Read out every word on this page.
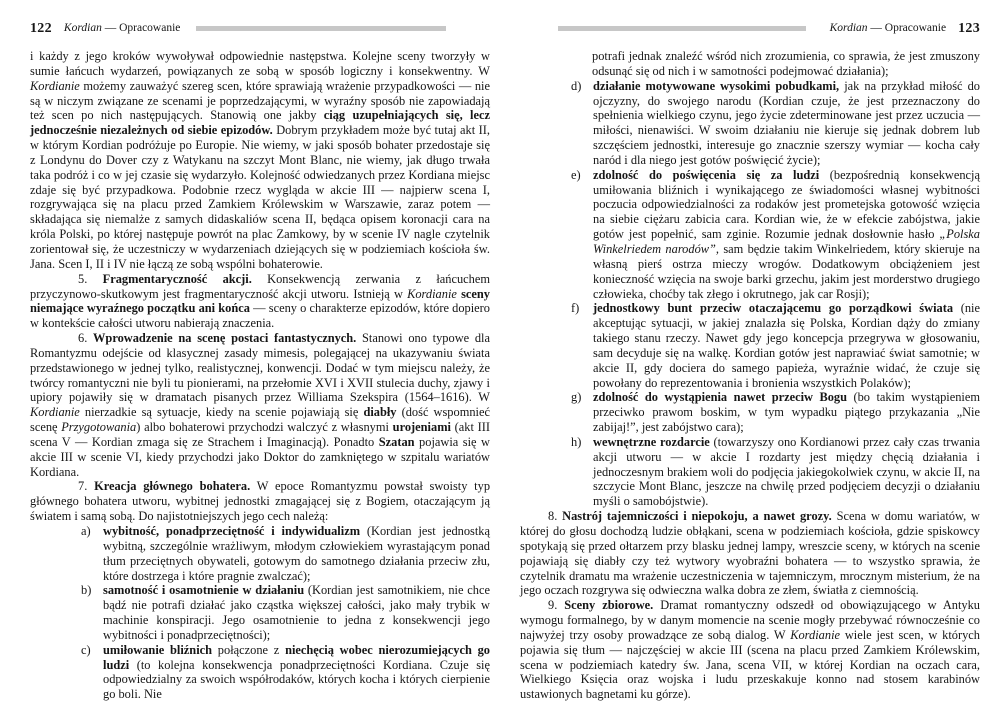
122 Kordian — Opracowanie

i każdy z jego kroków wywoływał odpowiednie następstwa. Kolejne sceny tworzyły w sumie łańcuch wydarzeń, powiązanych ze sobą w sposób logiczny i konsekwentny. W Kordianie możemy zauważyć szereg scen, które sprawiają wrażenie przypadkowości — nie są w niczym związane ze scenami je poprzedzającymi, w wyraźny sposób nie zapowiadają też scen po nich następujących. Stanowią one jakby ciąg uzupełniających się, lecz jednocześnie niezależnych od siebie epizodów. Dobrym przykładem może być tutaj akt II, w którym Kordian podróżuje po Europie. Nie wiemy, w jaki sposób bohater przedostaje się z Londynu do Dover czy z Watykanu na szczyt Mont Blanc, nie wiemy, jak długo trwała taka podróż i co w jej czasie się wydarzyło. Kolejność odwiedzanych przez Kordiana miejsc zdaje się być przypadkowa. Podobnie rzecz wygląda w akcie III — najpierw scena I, rozgrywająca się na placu przed Zamkiem Królewskim w Warszawie, zaraz potem — składająca się niemalże z samych didaskaliów scena II, będąca opisem koronacji cara na króla Polski, po której następuje powrót na plac Zamkowy, by w scenie IV nagle czytelnik zorientował się, że uczestniczy w wydarzeniach dziejących się w podziemiach kościoła św. Jana. Scen I, II i IV nie łączą ze sobą wspólni bohaterowie.

5. Fragmentaryczność akcji. Konsekwencją zerwania z łańcuchem przyczynowo-skutkowym jest fragmentaryczność akcji utworu. Istnieją w Kordianie sceny niemające wyraźnego początku ani końca — sceny o charakterze epizodów, które dopiero w kontekście całości utworu nabierają znaczenia.

6. Wprowadzenie na scenę postaci fantastycznych. Stanowi ono typowe dla Romantyzmu odejście od klasycznej zasady mimesis, polegającej na ukazywaniu świata przedstawionego w jednej tylko, realistycznej, konwencji. Dodać w tym miejscu należy, że twórcy romantyczni nie byli tu pionierami, na przełomie XVI i XVII stulecia duchy, zjawy i upiory pojawiły się w dramatach pisanych przez Williama Szekspira (1564–1616). W Kordianie nierzadkie są sytuacje, kiedy na scenie pojawiają się diabły (dość wspomnieć scenę Przygotowania) albo bohaterowi przychodzi walczyć z własnymi urojeniami (akt III scena V — Kordian zmaga się ze Strachem i Imaginacją). Ponadto Szatan pojawia się w akcie III w scenie VI, kiedy przychodzi jako Doktor do zamkniętego w szpitalu wariatów Kordiana.

7. Kreacja głównego bohatera. W epoce Romantyzmu powstał swoisty typ głównego bohatera utworu, wybitnej jednostki zmagającej się z Bogiem, otaczającym ją światem i samą sobą. Do najistotniejszych jego cech należą:

a) wybitność, ponadprzeciętność i indywidualizm (Kordian jest jednostką wybitną, szczególnie wrażliwym, młodym człowiekiem wyrastającym ponad tłum przeciętnych obywateli, gotowym do samotnego działania przeciw złu, które dostrzega i które pragnie zwalczać);

b) samotność i osamotnienie w działaniu (Kordian jest samotnikiem, nie chce bądź nie potrafi działać jako cząstka większej całości, jako mały trybik w machinie konspiracji. Jego osamotnienie to jedna z konsekwencji jego wybitności i ponadprzeciętności);

c) umiłowanie bliźnich połączone z niechęcią wobec nierozumiejących go ludzi (to kolejna konsekwencja ponadprzeciętności Kordiana. Czuje się odpowiedzialny za swoich współrodaków, których kocha i których cierpienie go boli. Nie

Kordian — Opracowanie 123

potrafi jednak znaleźć wśród nich zrozumienia, co sprawia, że jest zmuszony odsunąć się od nich i w samotności podejmować działania);

d) działanie motywowane wysokimi pobudkami, jak na przykład miłość do ojczyzny, do swojego narodu (Kordian czuje, że jest przeznaczony do spełnienia wielkiego czynu, jego życie zdeterminowane jest przez uczucia — miłości, nienawiści. W swoim działaniu nie kieruje się jednak dobrem lub szczęściem jednostki, interesuje go znacznie szerszy wymiar — kocha cały naród i dla niego jest gotów poświęcić życie);

e) zdolność do poświęcenia się za ludzi (bezpośrednią konsekwencją umiłowania bliźnich i wynikającego ze świadomości własnej wybitności poczucia odpowiedzialności za rodaków jest prometejska gotowość wzięcia na siebie ciężaru zabicia cara. Kordian wie, że w efekcie zabójstwa, jakie gotów jest popełnić, sam zginie. Rozumie jednak dosłownie hasło „Polska Winkelriedem narodów”, sam będzie takim Winkelriedem, który skieruje na własną pierś ostrza mieczy wrogów. Dodatkowym obciążeniem jest konieczność wzięcia na swoje barki grzechu, jakim jest morderstwo drugiego człowieka, choćby tak złego i okrutnego, jak car Rosji);

f) jednostkowy bunt przeciw otaczającemu go porządkowi świata (nie akceptując sytuacji, w jakiej znalazła się Polska, Kordian dąży do zmiany takiego stanu rzeczy. Nawet gdy jego koncepcja przegrywa w głosowaniu, sam decyduje się na walkę. Kordian gotów jest naprawiać świat samotnie; w akcie II, gdy dociera do samego papieża, wyraźnie widać, że czuje się powołany do reprezentowania i bronienia wszystkich Polaków);

g) zdolność do wystąpienia nawet przeciw Bogu (bo takim wystąpieniem przeciwko prawom boskim, w tym wypadku piątego przykazania „Nie zabijaj!”, jest zabójstwo cara);

h) wewnętrzne rozdarcie (towarzyszy ono Kordianowi przez cały czas trwania akcji utworu — w akcie I rozdarty jest między chęcią działania i jednoczesnym brakiem woli do podjęcia jakiegokolwiek czynu, w akcie II, na szczycie Mont Blanc, jeszcze na chwilę przed podjęciem decyzji o działaniu myśli o samobójstwie).

8. Nastrój tajemniczości i niepokoju, a nawet grozy. Scena w domu wariatów, w której do głosu dochodzą ludzie obłąkani, scena w podziemiach kościoła, gdzie spiskowcy spotykają się przed ołtarzem przy blasku jednej lampy, wreszcie sceny, w których na scenie pojawiają się diabły czy też wytwory wyobraźni bohatera — to wszystko sprawia, że czytelnik dramatu ma wrażenie uczestniczenia w tajemniczym, mrocznym misterium, że na jego oczach rozgrywa się odwieczna walka dobra ze złem, światła z ciemnością.

9. Sceny zbiorowe. Dramat romantyczny odszedł od obowiązującego w Antyku wymogu formalnego, by w danym momencie na scenie mogły przebywać równocześnie co najwyżej trzy osoby prowadzące ze sobą dialog. W Kordianie wiele jest scen, w których pojawia się tłum — najczęściej w akcie III (scena na placu przed Zamkiem Królewskim, scena w podziemiach katedry św. Jana, scena VII, w której Kordian na oczach cara, Wielkiego Księcia oraz wojska i ludu przeskakuje konno nad stosem karabinów ustawionych bagnetami ku górze).
